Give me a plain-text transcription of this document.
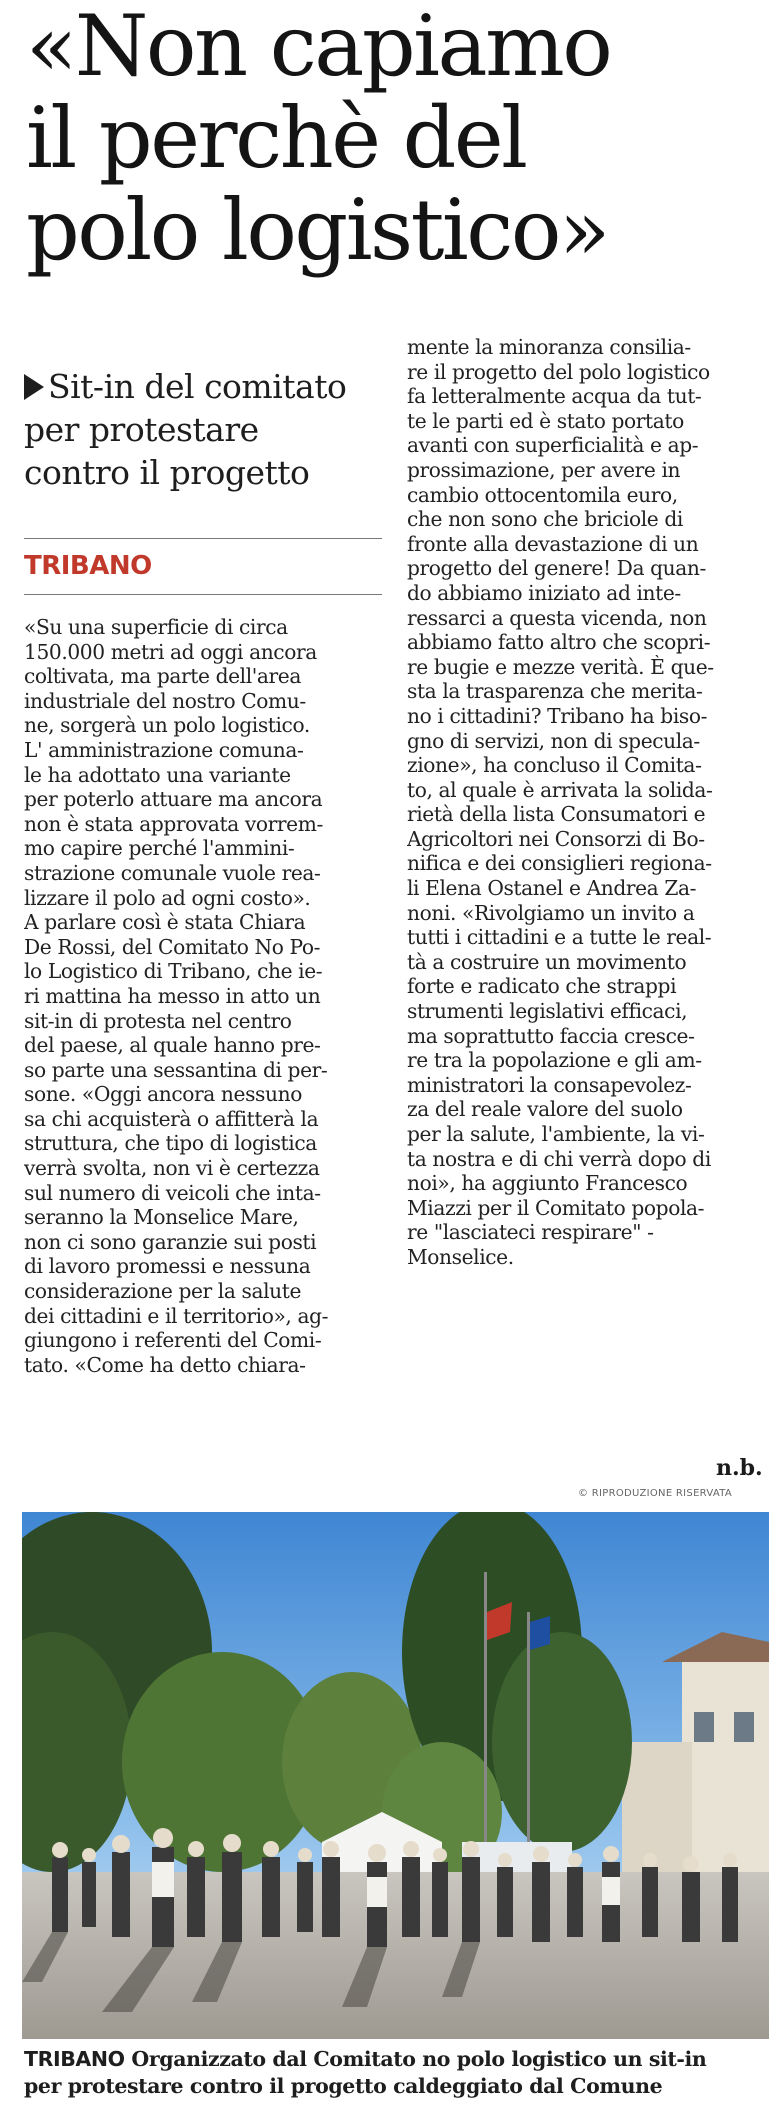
«Non capiamo
il perchè del
polo logistico»
Sit-in del comitato
per protestare
contro il progetto
TRIBANO
«Su una superficie di circa
150.000 metri ad oggi ancora
coltivata, ma parte dell'area
industriale del nostro Comu-
ne, sorgerà un polo logistico.
L' amministrazione comuna-
le ha adottato una variante
per poterlo attuare ma ancora
non è stata approvata vorrem-
mo capire perché l'ammini-
strazione comunale vuole rea-
lizzare il polo ad ogni costo».
A parlare così è stata Chiara
De Rossi, del Comitato No Po-
lo Logistico di Tribano, che ie-
ri mattina ha messo in atto un
sit-in di protesta nel centro
del paese, al quale hanno pre-
so parte una sessantina di per-
sone. «Oggi ancora nessuno
sa chi acquisterà o affitterà la
struttura, che tipo di logistica
verrà svolta, non vi è certezza
sul numero di veicoli che inta-
seranno la Monselice Mare,
non ci sono garanzie sui posti
di lavoro promessi e nessuna
considerazione per la salute
dei cittadini e il territorio», ag-
giungono i referenti del Comi-
tato. «Come ha detto chiara-
mente la minoranza consilia-
re il progetto del polo logistico
fa letteralmente acqua da tut-
te le parti ed è stato portato
avanti con superficialità e ap-
prossimazione, per avere in
cambio ottocentomila euro,
che non sono che briciole di
fronte alla devastazione di un
progetto del genere! Da quan-
do abbiamo iniziato ad inte-
ressarci a questa vicenda, non
abbiamo fatto altro che scopri-
re bugie e mezze verità. È que-
sta la trasparenza che merita-
no i cittadini? Tribano ha biso-
gno di servizi, non di specula-
zione», ha concluso il Comita-
to, al quale è arrivata la solida-
rietà della lista Consumatori e
Agricoltori nei Consorzi di Bo-
nifica e dei consiglieri regiona-
li Elena Ostanel e Andrea Za-
noni. «Rivolgiamo un invito a
tutti i cittadini e a tutte le real-
tà a costruire un movimento
forte e radicato che strappi
strumenti legislativi efficaci,
ma soprattutto faccia cresce-
re tra la popolazione e gli am-
ministratori la consapevolez-
za del reale valore del suolo
per la salute, l'ambiente, la vi-
ta nostra e di chi verrà dopo di
noi», ha aggiunto Francesco
Miazzi per il Comitato popola-
re "lasciateci respirare" -
Monselice.
n.b.
© RIPRODUZIONE RISERVATA
TRIBANO Organizzato dal Comitato no polo logistico un sit-in
per protestare contro il progetto caldeggiato dal Comune
